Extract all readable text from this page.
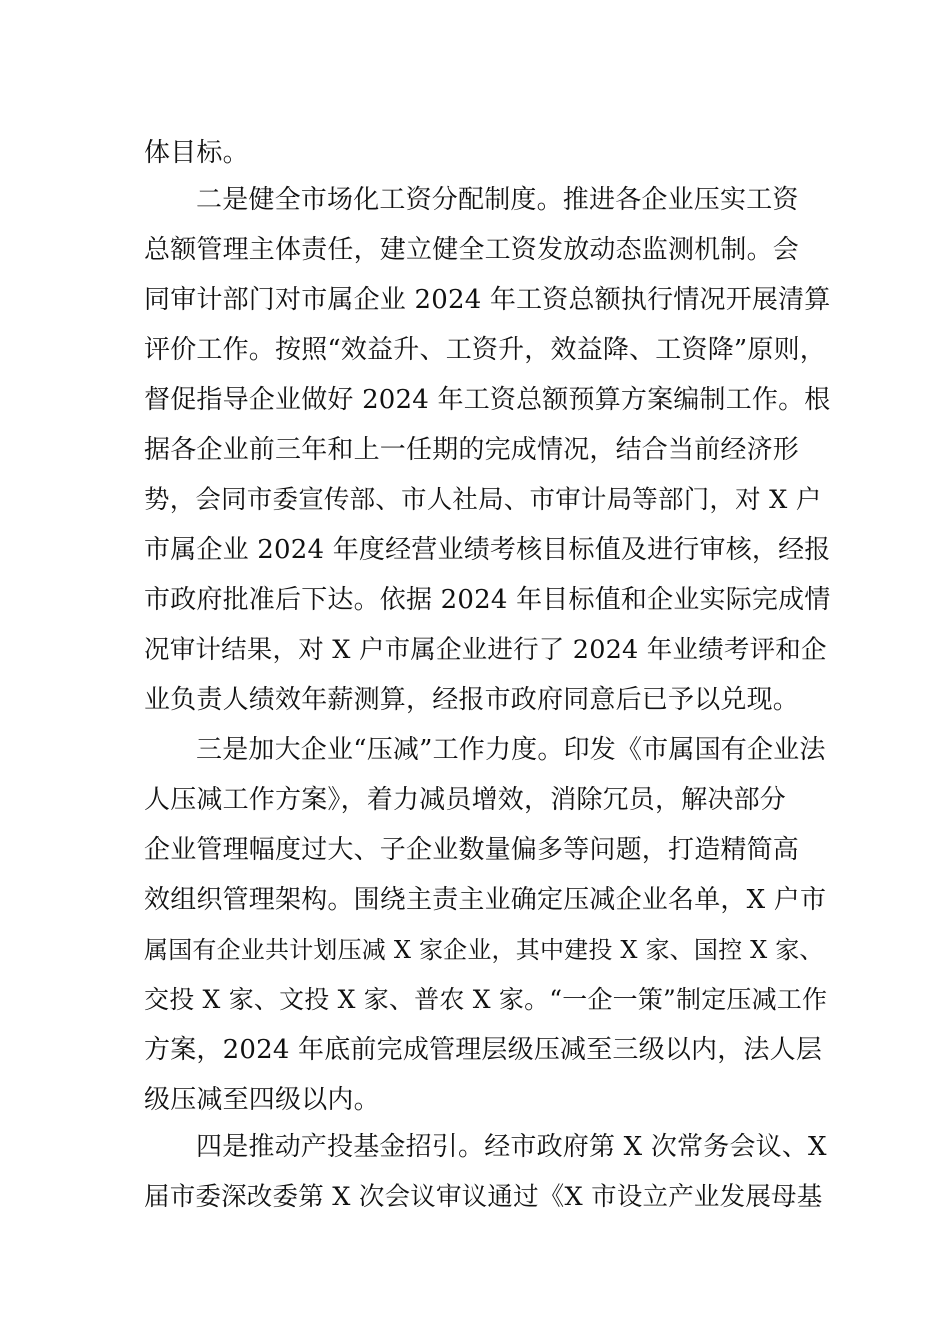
体目标。
二是健全市场化工资分配制度。推进各企业压实工资
总额管理主体责任，建立健全工资发放动态监测机制。会
同审计部门对市属企业 2024 年工资总额执行情况开展清算
评价工作。按照“效益升、工资升，效益降、工资降”原则，
督促指导企业做好 2024 年工资总额预算方案编制工作。根
据各企业前三年和上一任期的完成情况，结合当前经济形
势，会同市委宣传部、市人社局、市审计局等部门，对 X 户
市属企业 2024 年度经营业绩考核目标值及进行审核，经报
市政府批准后下达。依据 2024 年目标值和企业实际完成情
况审计结果，对 X 户市属企业进行了 2024 年业绩考评和企
业负责人绩效年薪测算，经报市政府同意后已予以兑现。
三是加大企业“压减”工作力度。印发《市属国有企业法
人压减工作方案》，着力减员增效，消除冗员，解决部分
企业管理幅度过大、子企业数量偏多等问题，打造精简高
效组织管理架构。围绕主责主业确定压减企业名单，X 户市
属国有企业共计划压减 X 家企业，其中建投 X 家、国控 X 家、
交投 X 家、文投 X 家、普农 X 家。“一企一策”制定压减工作
方案，2024 年底前完成管理层级压减至三级以内，法人层
级压减至四级以内。
四是推动产投基金招引。经市政府第 X 次常务会议、X
届市委深改委第 X 次会议审议通过《X 市设立产业发展母基
